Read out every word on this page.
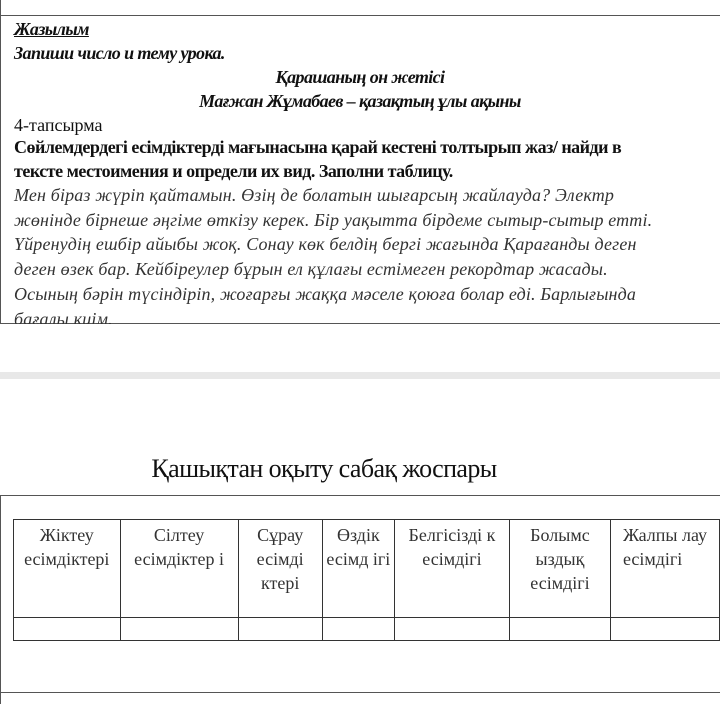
Жазылым
Запиши число и тему урока.
Қарашаның он жетісі
Мағжан Жұмабаев – қазақтың ұлы ақыны
4-тапсырма
Сөйлемдердегі есімдіктерді мағынасына қарай кестені толтырып жаз/ найди в
тексте местоимения и определи их вид. Заполни таблицу.
Мен біраз жүріп қайтамын. Өзің де болатын шығарсың жайлауда? Электр
жөнінде бірнеше әңгіме өткізу керек. Бір уақытта бірдеме сытыр-сытыр етті.
Үйренудің ешбір айыбы жоқ. Сонау көк белдің бергі жағында Қарағанды деген
деген өзек бар. Кейбіреулер бұрын ел құлағы естімеген рекордтар жасады.
Осының бәрін түсіндіріп, жоғарғы жаққа мәселе қоюға болар еді. Барлығында
бағалы киім.
Қашықтан оқыту сабақ жоспары
Жіктеу есімдіктері	Сілтеу есімдіктер і	Сұрау есімді ктері	Өздік есімд ігі	Белгісізді к есімдігі	Болымс ыздық есімдігі	Жалпы лау есімдігі
